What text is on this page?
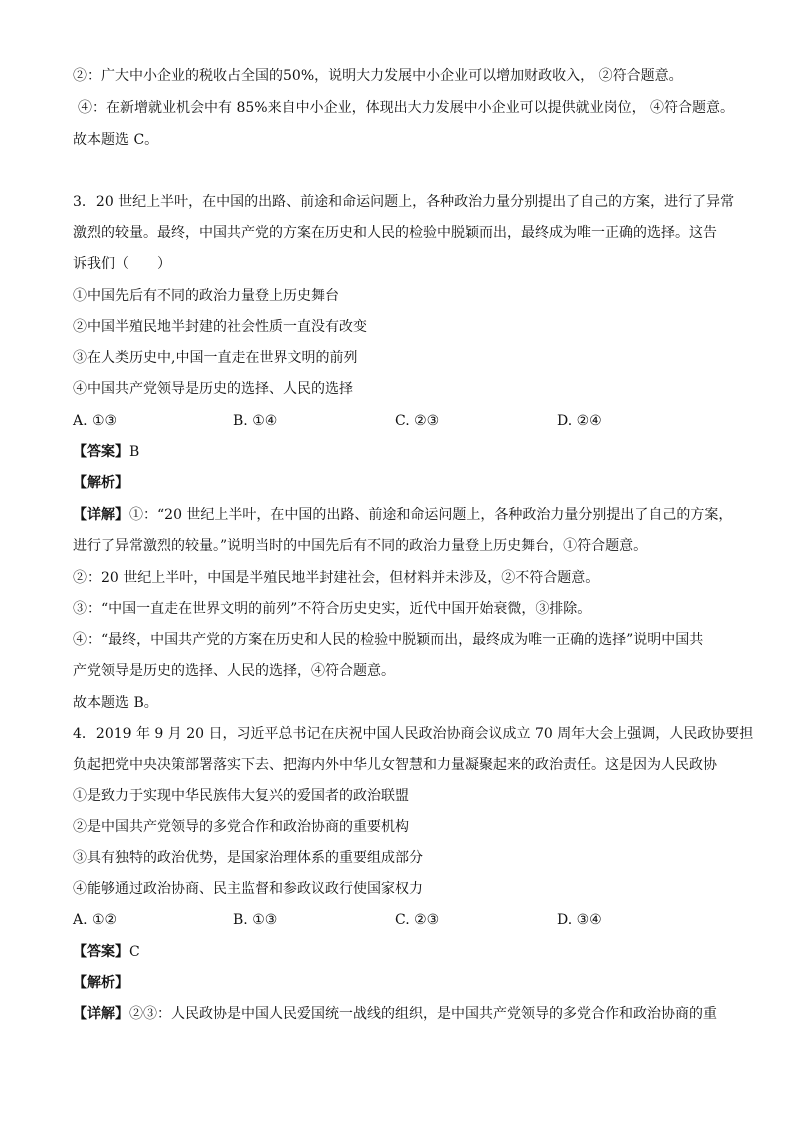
②：广大中小企业的税收占全国的50%，说明大力发展中小企业可以增加财政收入， ②符合题意。
④：在新增就业机会中有 85%来自中小企业，体现出大力发展中小企业可以提供就业岗位， ④符合题意。
故本题选 C。
3．20 世纪上半叶，在中国的出路、前途和命运问题上，各种政治力量分别提出了自己的方案，进行了异常
激烈的较量。最终，中国共产党的方案在历史和人民的检验中脱颖而出，最终成为唯一正确的选择。这告
诉我们（　　）
①中国先后有不同的政治力量登上历史舞台
②中国半殖民地半封建的社会性质一直没有改变
③在人类历史中,中国一直走在世界文明的前列
④中国共产党领导是历史的选择、人民的选择
A. ①③	B. ①④	C. ②③	D. ②④
【答案】B
【解析】
【详解】①：“20 世纪上半叶，在中国的出路、前途和命运问题上，各种政治力量分别提出了自己的方案，
进行了异常激烈的较量。”说明当时的中国先后有不同的政治力量登上历史舞台，①符合题意。
②：20 世纪上半叶，中国是半殖民地半封建社会，但材料并未涉及，②不符合题意。
③：“中国一直走在世界文明的前列”不符合历史史实，近代中国开始衰微，③排除。
④：“最终，中国共产党的方案在历史和人民的检验中脱颖而出，最终成为唯一正确的选择”说明中国共
产党领导是历史的选择、人民的选择，④符合题意。
故本题选 B。
4．2019 年 9 月 20 日，习近平总书记在庆祝中国人民政治协商会议成立 70 周年大会上强调，人民政协要担
负起把党中央决策部署落实下去、把海内外中华儿女智慧和力量凝聚起来的政治责任。这是因为人民政协
①是致力于实现中华民族伟大复兴的爱国者的政治联盟
②是中国共产党领导的多党合作和政治协商的重要机构
③具有独特的政治优势，是国家治理体系的重要组成部分
④能够通过政治协商、民主监督和参政议政行使国家权力
A. ①②	B. ①③	C. ②③	D. ③④
【答案】C
【解析】
【详解】②③：人民政协是中国人民爱国统一战线的组织，是中国共产党领导的多党合作和政治协商的重
